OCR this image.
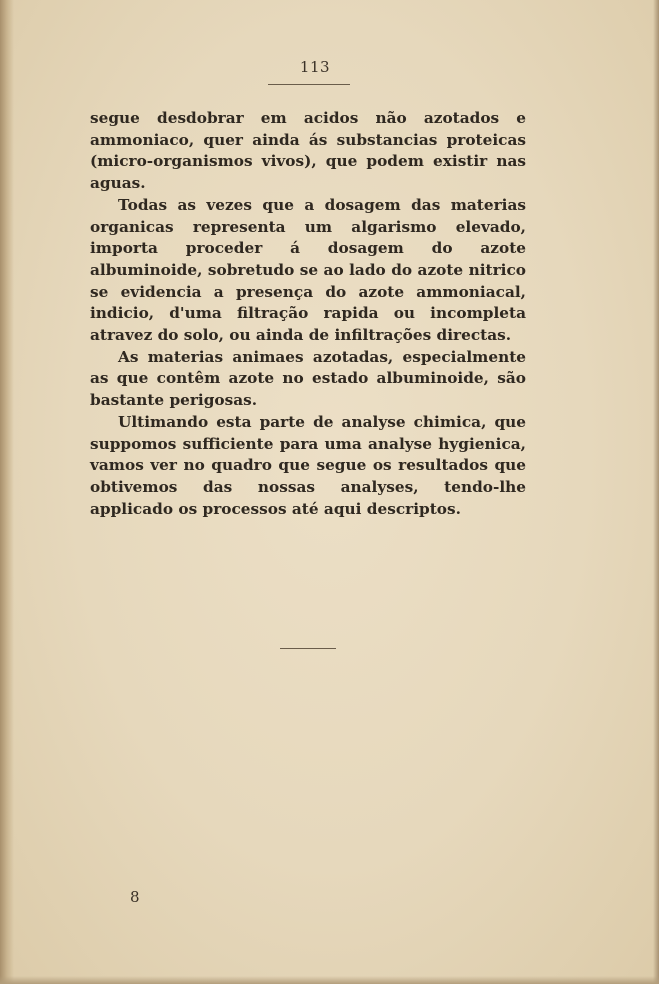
113

segue desdobrar em acidos não azotados e ammoniaco, quer ainda ás substancias proteicas (micro-organismos vivos), que podem existir nas aguas.

Todas as vezes que a dosagem das materias organicas representa um algarismo elevado, importa proceder á dosagem do azote albuminoide, sobretudo se ao lado do azote nitrico se evidencia a presença do azote ammoniacal, indicio, d'uma filtração rapida ou incompleta atravez do solo, ou ainda de infiltrações directas.

As materias animaes azotadas, especialmente as que contêm azote no estado albuminoide, são bastante perigosas.

Ultimando esta parte de analyse chimica, que suppomos sufficiente para uma analyse hygienica, vamos ver no quadro que segue os resultados que obtivemos das nossas analyses, tendo-lhe applicado os processos até aqui descriptos.

8
